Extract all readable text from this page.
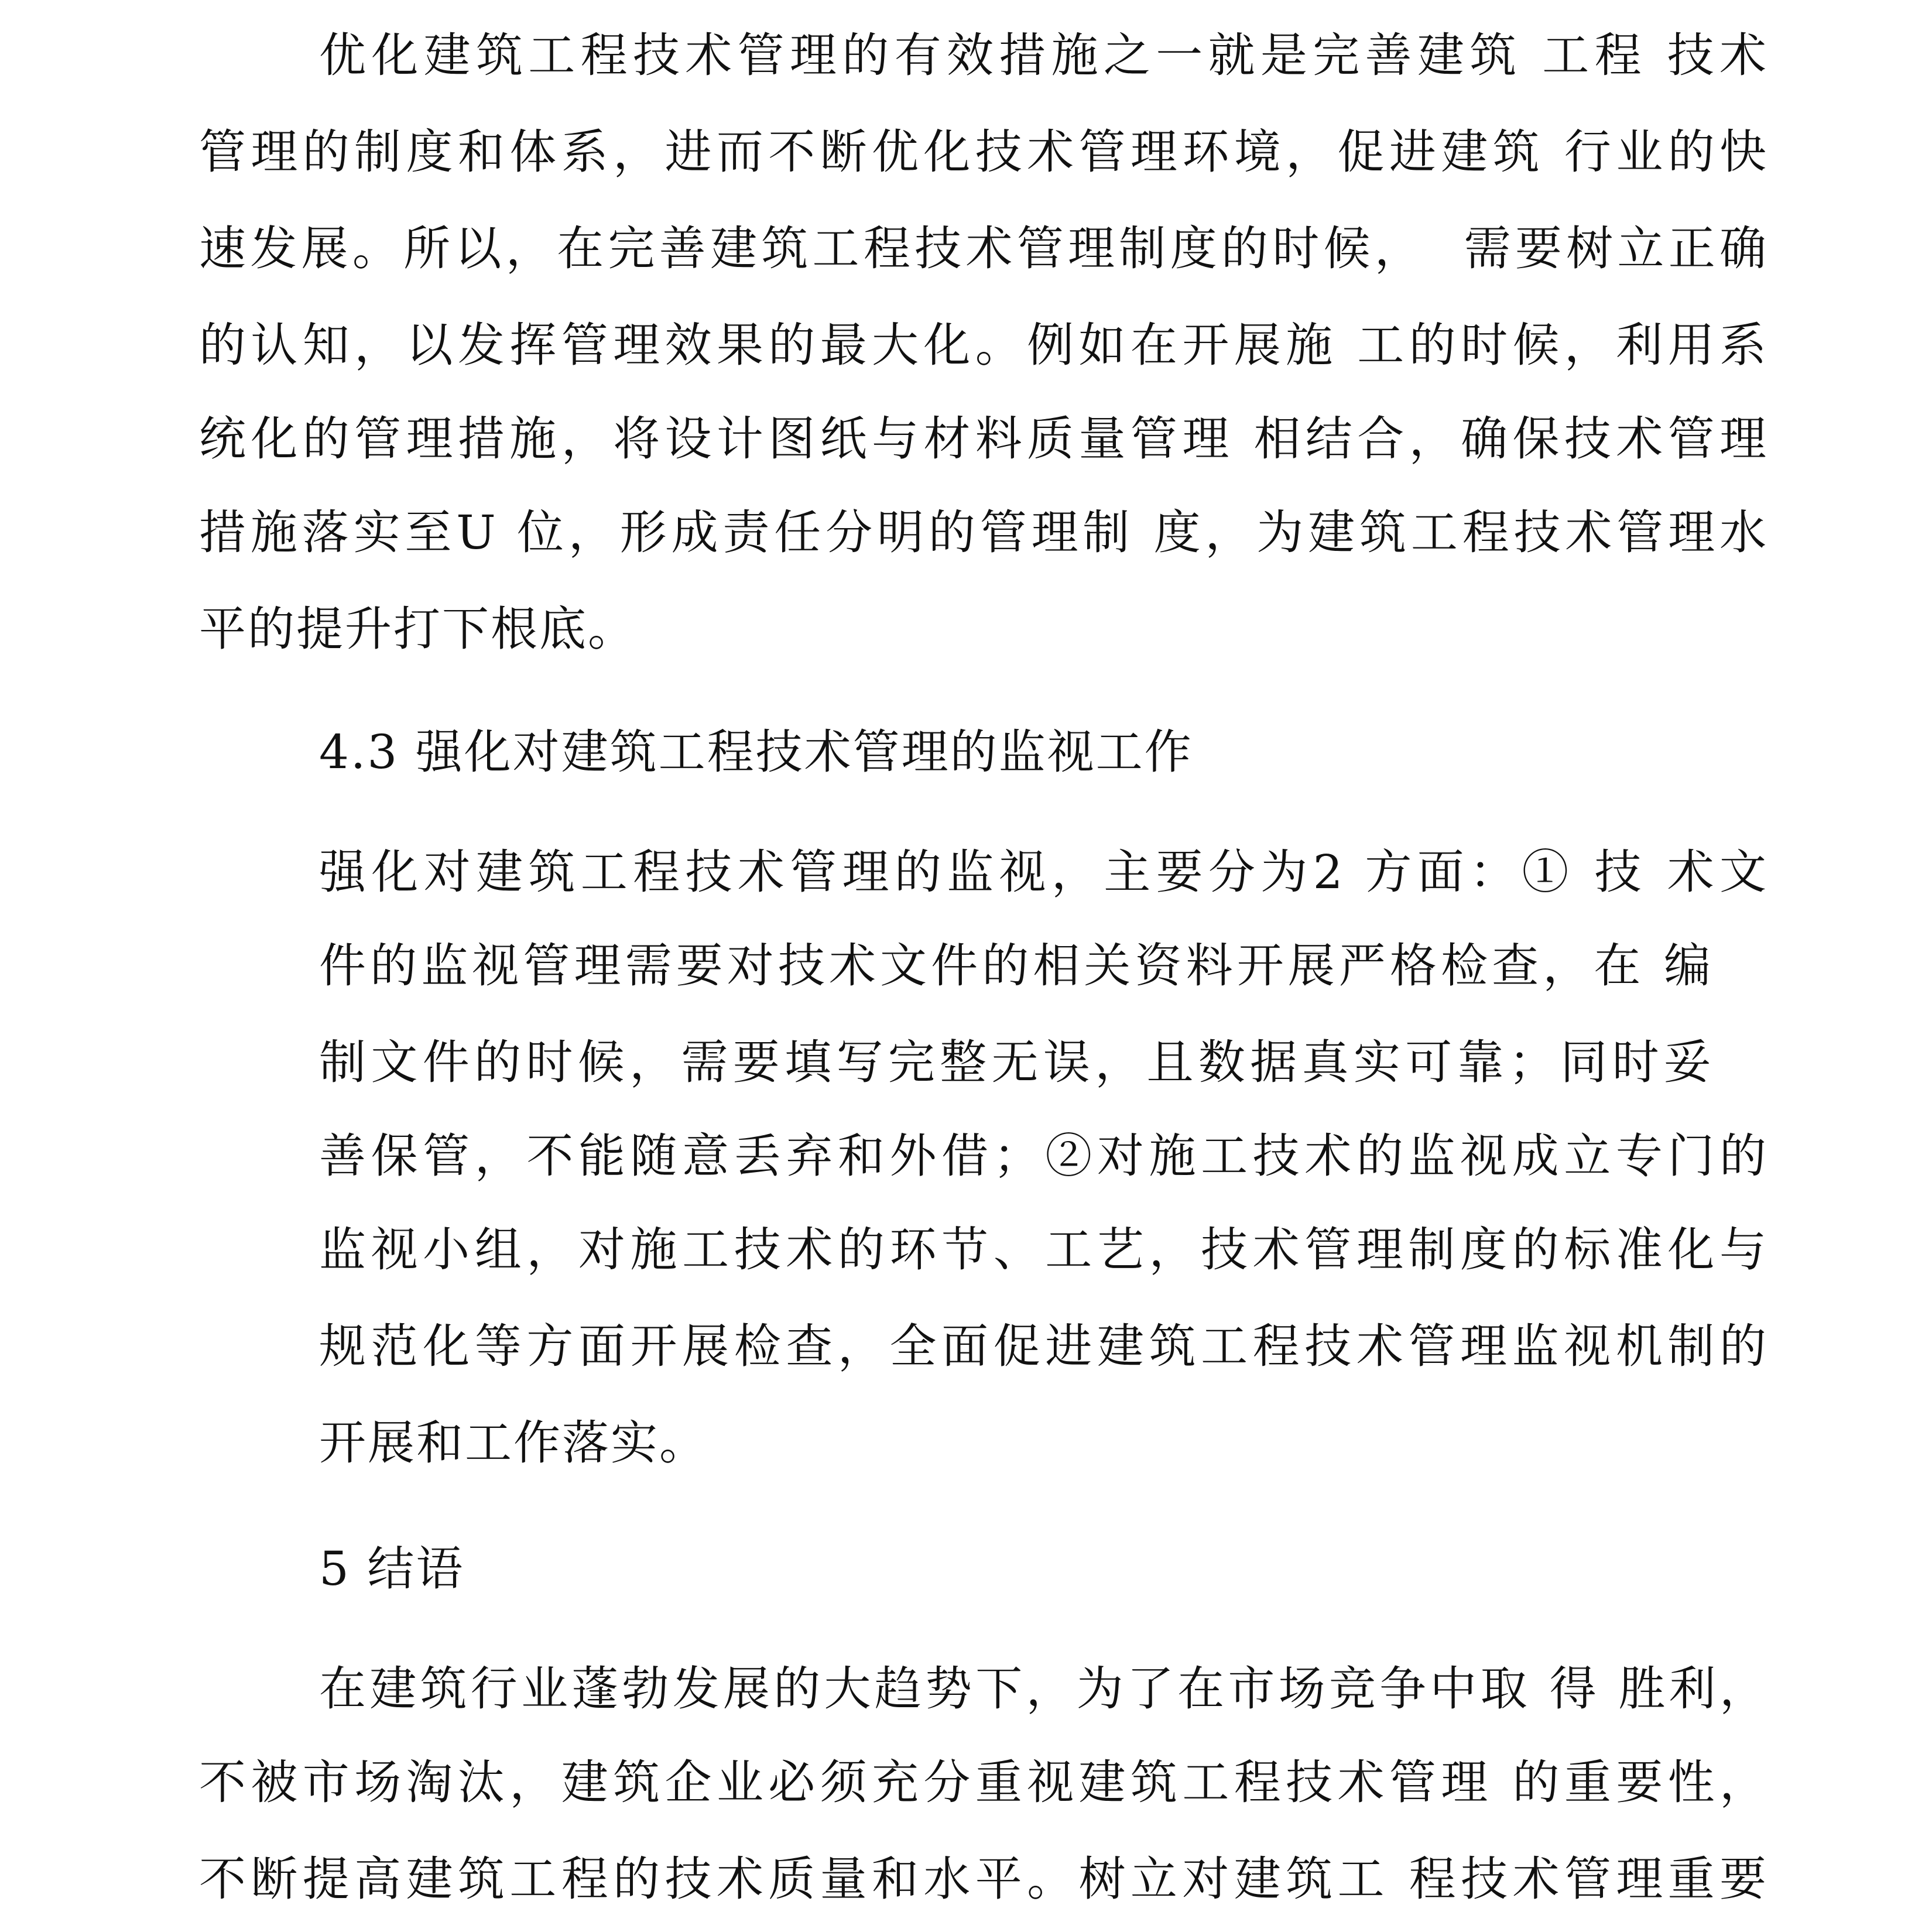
优化建筑工程技术管理的有效措施之一就是完善建筑 工程 技术
管理的制度和体系，进而不断优化技术管理环境，促进建筑 行业的快
速发展。所以，在完善建筑工程技术管理制度的时候，  需要树立正确
的认知，以发挥管理效果的最大化。例如在开展施 工的时候，利用系
统化的管理措施，将设计图纸与材料质量管理 相结合，确保技术管理
措施落实至U 位，形成责任分明的管理制 度，为建筑工程技术管理水
平的提升打下根底。
4.3 强化对建筑工程技术管理的监视工作
强化对建筑工程技术管理的监视，主要分为2 方面：① 技 术文
件的监视管理需要对技术文件的相关资料开展严格检查，在 编
制文件的时候，需要填写完整无误，且数据真实可靠；同时妥
善保管，不能随意丢弃和外借；②对施工技术的监视成立专门的
监视小组，对施工技术的环节、工艺，技术管理制度的标准化与
规范化等方面开展检查，全面促进建筑工程技术管理监视机制的
开展和工作落实。
5 结语
在建筑行业蓬勃发展的大趋势下，为了在市场竞争中取 得 胜利，
不被市场淘汰，建筑企业必须充分重视建筑工程技术管理 的重要性，
不断提高建筑工程的技术质量和水平。树立对建筑工 程技术管理重要
